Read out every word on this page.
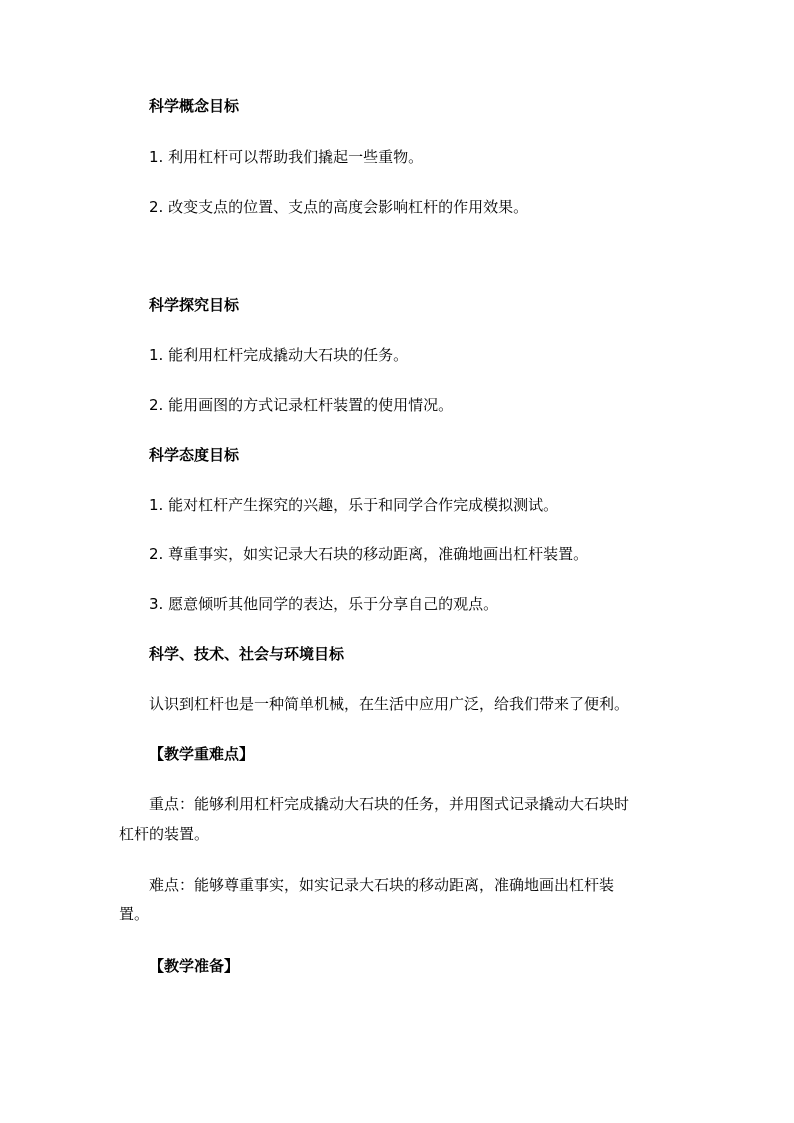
科学概念目标
1. 利用杠杆可以帮助我们撬起一些重物。
2. 改变支点的位置、支点的高度会影响杠杆的作用效果。
科学探究目标
1. 能利用杠杆完成撬动大石块的任务。
2. 能用画图的方式记录杠杆装置的使用情况。
科学态度目标
1. 能对杠杆产生探究的兴趣，乐于和同学合作完成模拟测试。
2. 尊重事实，如实记录大石块的移动距离，准确地画出杠杆装置。
3. 愿意倾听其他同学的表达，乐于分享自己的观点。
科学、技术、社会与环境目标
认识到杠杆也是一种简单机械，在生活中应用广泛，给我们带来了便利。
【教学重难点】
重点：能够利用杠杆完成撬动大石块的任务，并用图式记录撬动大石块时
杠杆的装置。
难点：能够尊重事实，如实记录大石块的移动距离，准确地画出杠杆装
置。
【教学准备】
